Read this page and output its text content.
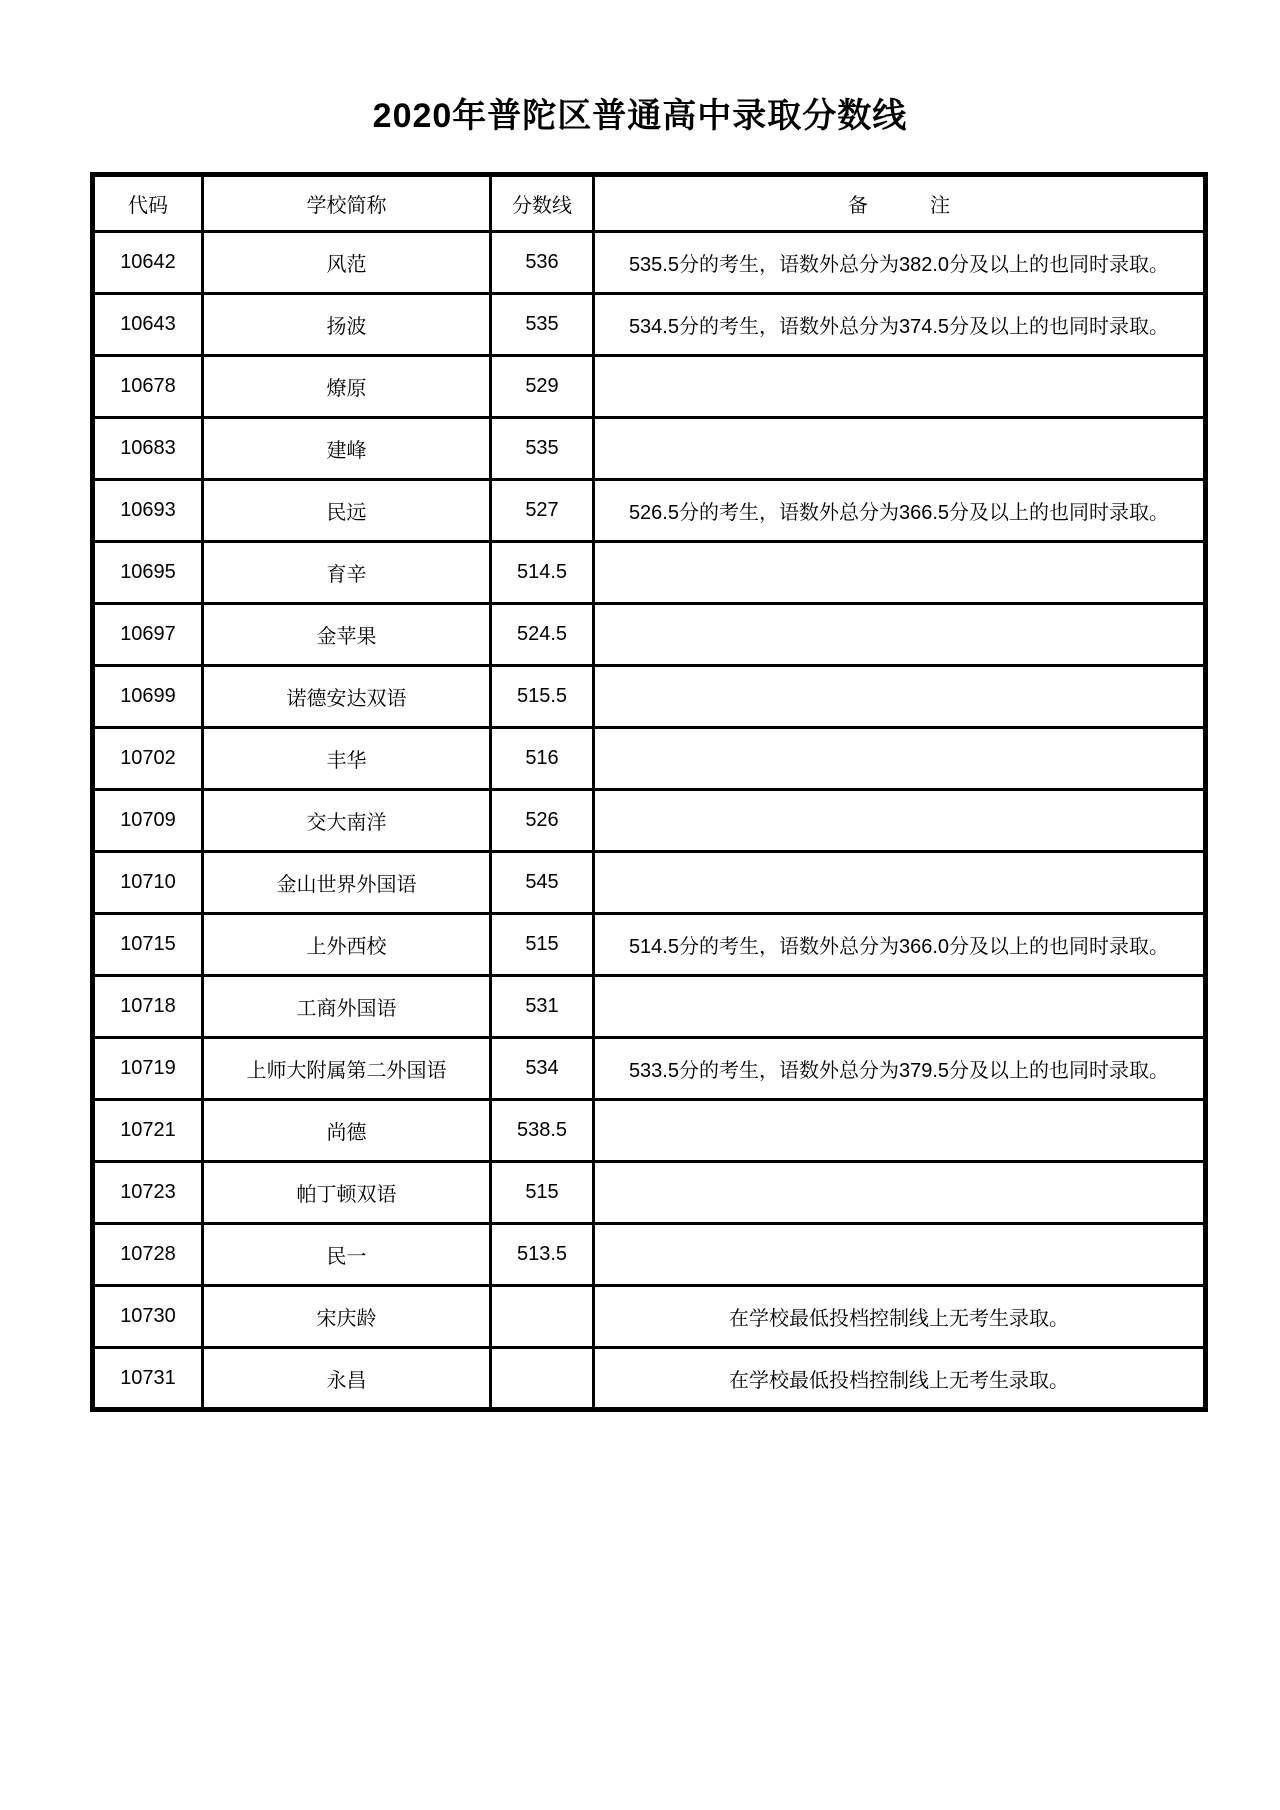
2020年普陀区普通高中录取分数线
代码	学校简称	分数线	备 注

10642	风范	536	535.5分的考生，语数外总分为382.0分及以上的也同时录取。
10643	扬波	535	534.5分的考生，语数外总分为374.5分及以上的也同时录取。
10678	燎原	529	
10683	建峰	535	
10693	民远	527	526.5分的考生，语数外总分为366.5分及以上的也同时录取。
10695	育辛	514.5	
10697	金苹果	524.5	
10699	诺德安达双语	515.5	
10702	丰华	516	
10709	交大南洋	526	
10710	金山世界外国语	545	
10715	上外西校	515	514.5分的考生，语数外总分为366.0分及以上的也同时录取。
10718	工商外国语	531	
10719	上师大附属第二外国语	534	533.5分的考生，语数外总分为379.5分及以上的也同时录取。
10721	尚德	538.5	
10723	帕丁顿双语	515	
10728	民一	513.5	
10730	宋庆龄		在学校最低投档控制线上无考生录取。
10731	永昌		在学校最低投档控制线上无考生录取。
